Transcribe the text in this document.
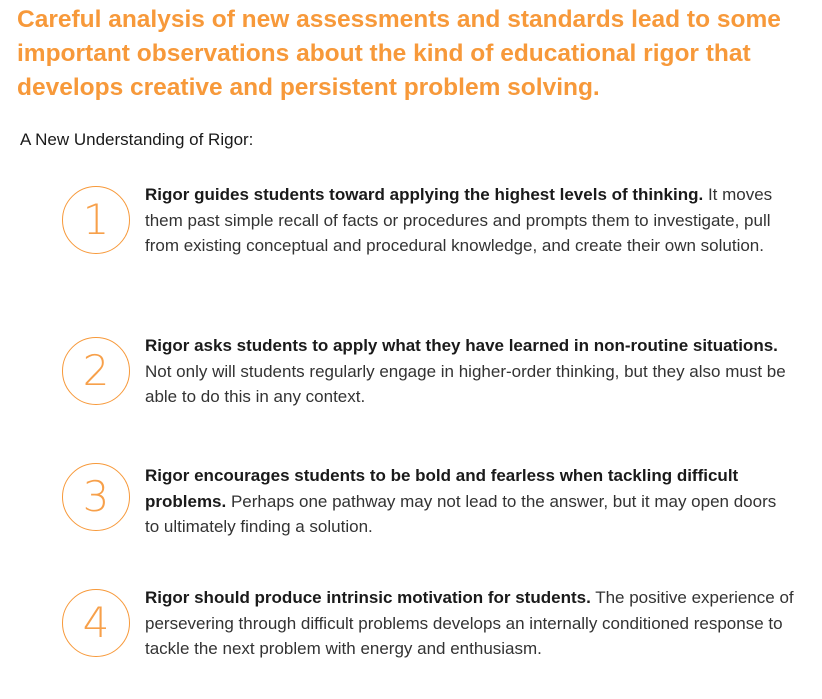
Careful analysis of new assessments and standards lead to some important observations about the kind of educational rigor that develops creative and persistent problem solving.
A New Understanding of Rigor:
1
Rigor guides students toward applying the highest levels of thinking. It moves them past simple recall of facts or procedures and prompts them to investigate, pull from existing conceptual and procedural knowledge, and create their own solution.
2
Rigor asks students to apply what they have learned in non-routine situations. Not only will students regularly engage in higher-order thinking, but they also must be able to do this in any context.
3 Rigor encourages students to be bold and fearless when tackling difficult problems. Perhaps one pathway may not lead to the answer, but it may open doors to ultimately finding a solution.
4
Rigor should produce intrinsic motivation for students. The positive experience of persevering through difficult problems develops an internally conditioned response to tackle the next problem with energy and enthusiasm.
